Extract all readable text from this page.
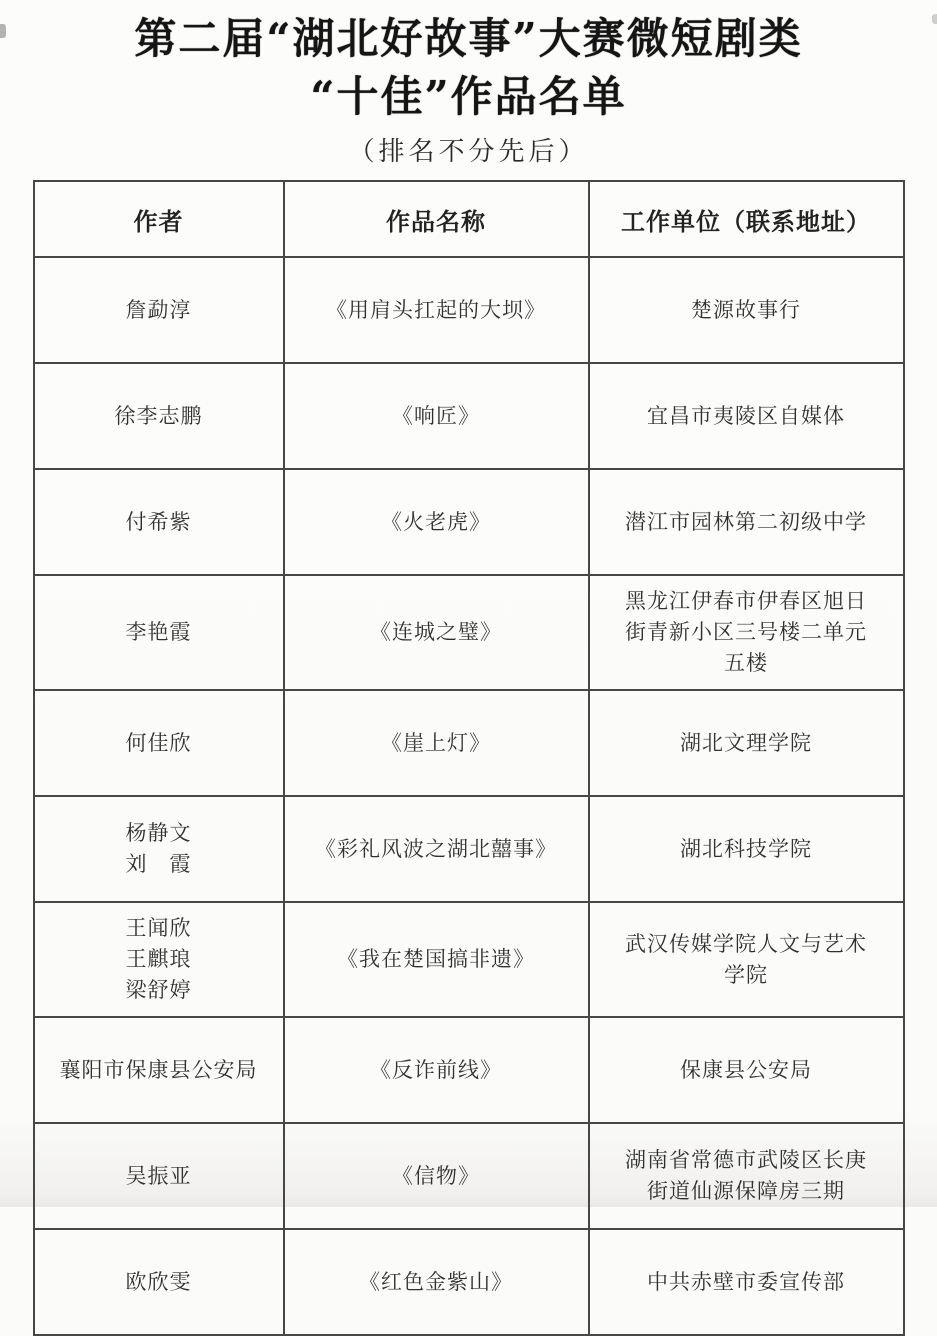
第二届“湖北好故事”大赛微短剧类
“十佳”作品名单
（排名不分先后）
作者	作品名称	工作单位（联系地址）

詹勐淳	《用肩头扛起的大坝》	楚源故事行

徐李志鹏	《响匠》	宜昌市夷陵区自媒体

付希紫	《火老虎》	潜江市园林第二初级中学

李艳霞	《连城之璧》	黑龙江伊春市伊春区旭日街青新小区三号楼二单元五楼

何佳欣	《崖上灯》	湖北文理学院

杨静文
刘　霞	《彩礼风波之湖北囍事》	湖北科技学院

王闻欣
王麒琅
梁舒婷	《我在楚国搞非遗》	武汉传媒学院人文与艺术学院

襄阳市保康县公安局	《反诈前线》	保康县公安局

吴振亚	《信物》	湖南省常德市武陵区长庚街道仙源保障房三期

欧欣雯	《红色金紫山》	中共赤壁市委宣传部
